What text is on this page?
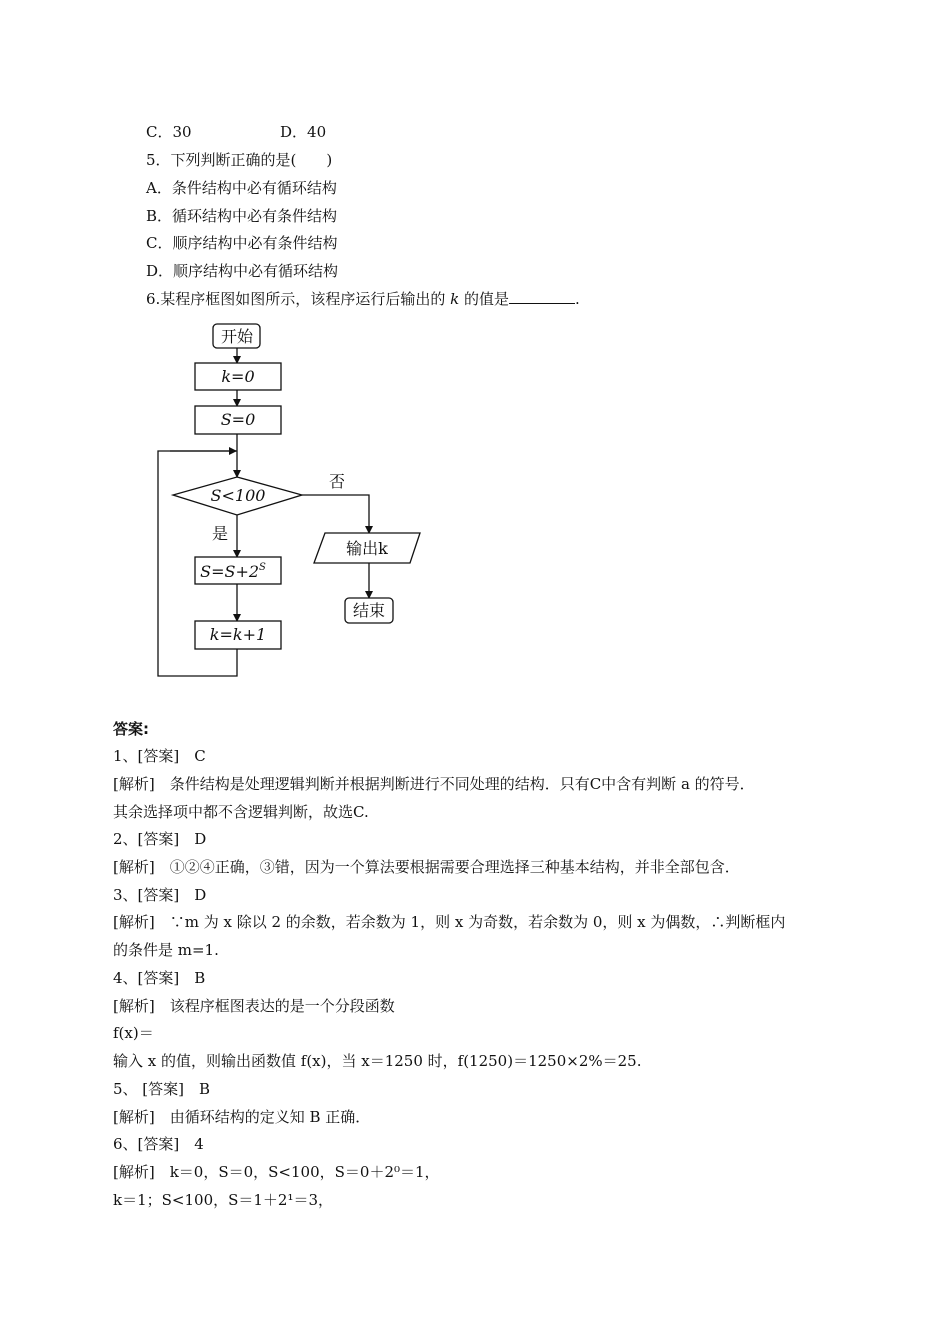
C．30	D．40
5．下列判断正确的是(　　)
A．条件结构中必有循环结构
B．循环结构中必有条件结构
C．顺序结构中必有条件结构
D．顺序结构中必有循环结构
6.某程序框图如图所示，该程序运行后输出的 k 的值是	.
开始
k=0
S=0
S<100
否
是
$S=S+2^S$
k=k+1
输出k
结束
答案:
1、[答案]　C
[解析]　条件结构是处理逻辑判断并根据判断进行不同处理的结构．只有C中含有判断 a 的符号．
其余选择项中都不含逻辑判断，故选C.
2、[答案]　D
[解析]　①②④正确，③错，因为一个算法要根据需要合理选择三种基本结构，并非全部包含．
3、[答案]　D
[解析]　∵m 为 x 除以 2 的余数，若余数为 1，则 x 为奇数，若余数为 0，则 x 为偶数，∴判断框内
的条件是 m=1.
4、[答案]　B
[解析]　该程序框图表达的是一个分段函数
f(x)＝
输入 x 的值，则输出函数值 f(x)，当 x＝1250 时，f(1250)＝1250×2%＝25.
5、 [答案]　B
[解析]　由循环结构的定义知 B 正确．
6、[答案]　4
[解析]　k＝0，S＝0，S<100，S＝0＋2⁰＝1，
k＝1；S<100，S＝1＋2¹＝3，
